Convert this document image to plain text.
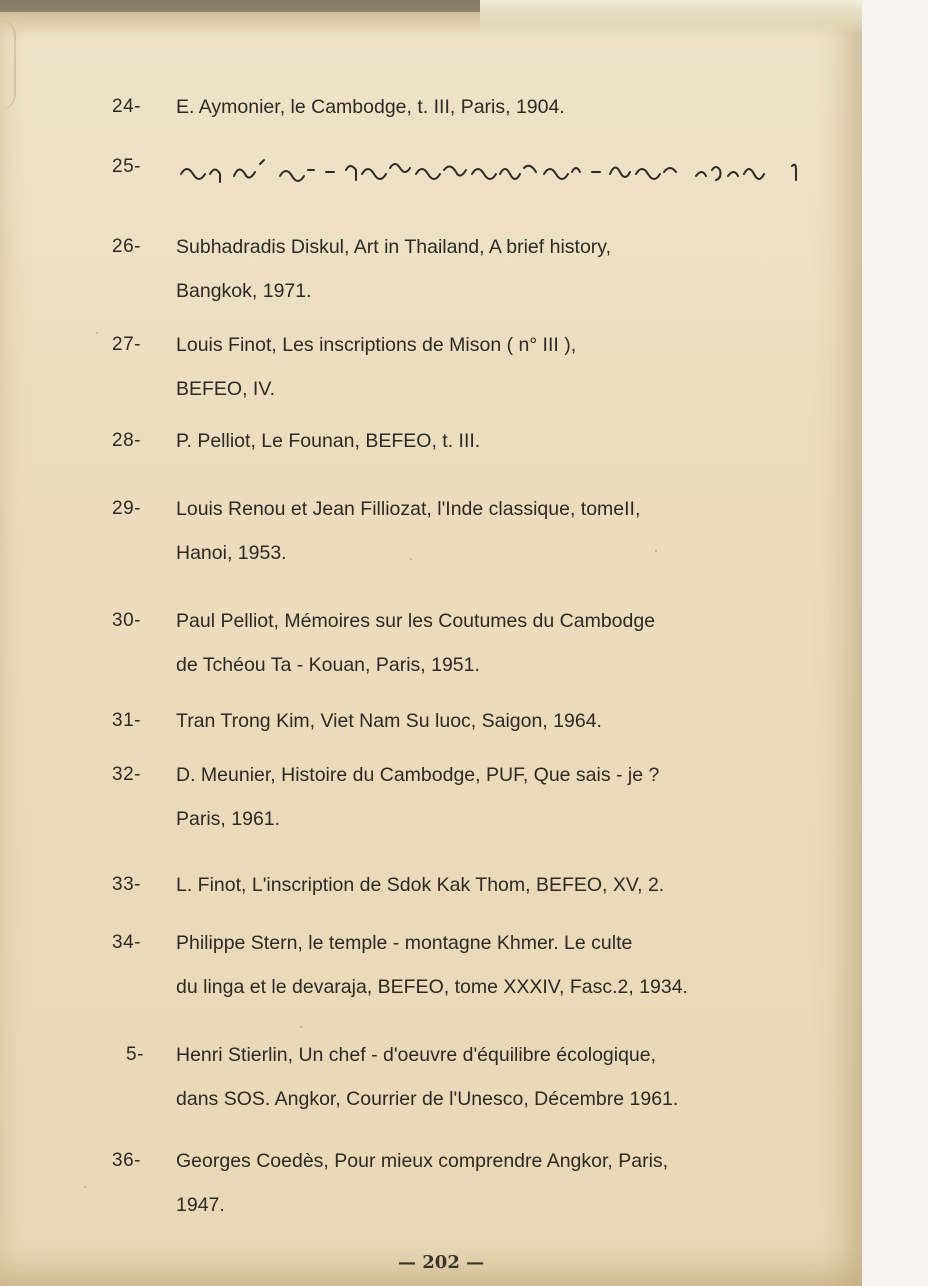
24- E. Aymonier, le Cambodge, t. III, Paris, 1904.
25-
26- Subhadradis Diskul, Art in Thailand, A brief history,
Bangkok, 1971.
27- Louis Finot, Les inscriptions de Mison ( n° III ),
BEFEO, IV.
28- P. Pelliot, Le Founan, BEFEO, t. III.
29- Louis Renou et Jean Filliozat, l'Inde classique, tomeII,
Hanoi, 1953.
30- Paul Pelliot, Mémoires sur les Coutumes du Cambodge
de Tchéou Ta - Kouan, Paris, 1951.
31- Tran Trong Kim, Viet Nam Su luoc, Saigon, 1964.
32- D. Meunier, Histoire du Cambodge, PUF, Que sais - je ?
Paris, 1961.
33- L. Finot, L'inscription de Sdok Kak Thom, BEFEO, XV, 2.
34- Philippe Stern, le temple - montagne Khmer. Le culte
du linga et le devaraja, BEFEO, tome XXXIV, Fasc.2, 1934.
5- Henri Stierlin, Un chef - d'oeuvre d'équilibre écologique,
dans SOS. Angkor, Courrier de l'Unesco, Décembre 1961.
36- Georges Coedès, Pour mieux comprendre Angkor, Paris,
1947.
— 202 —
